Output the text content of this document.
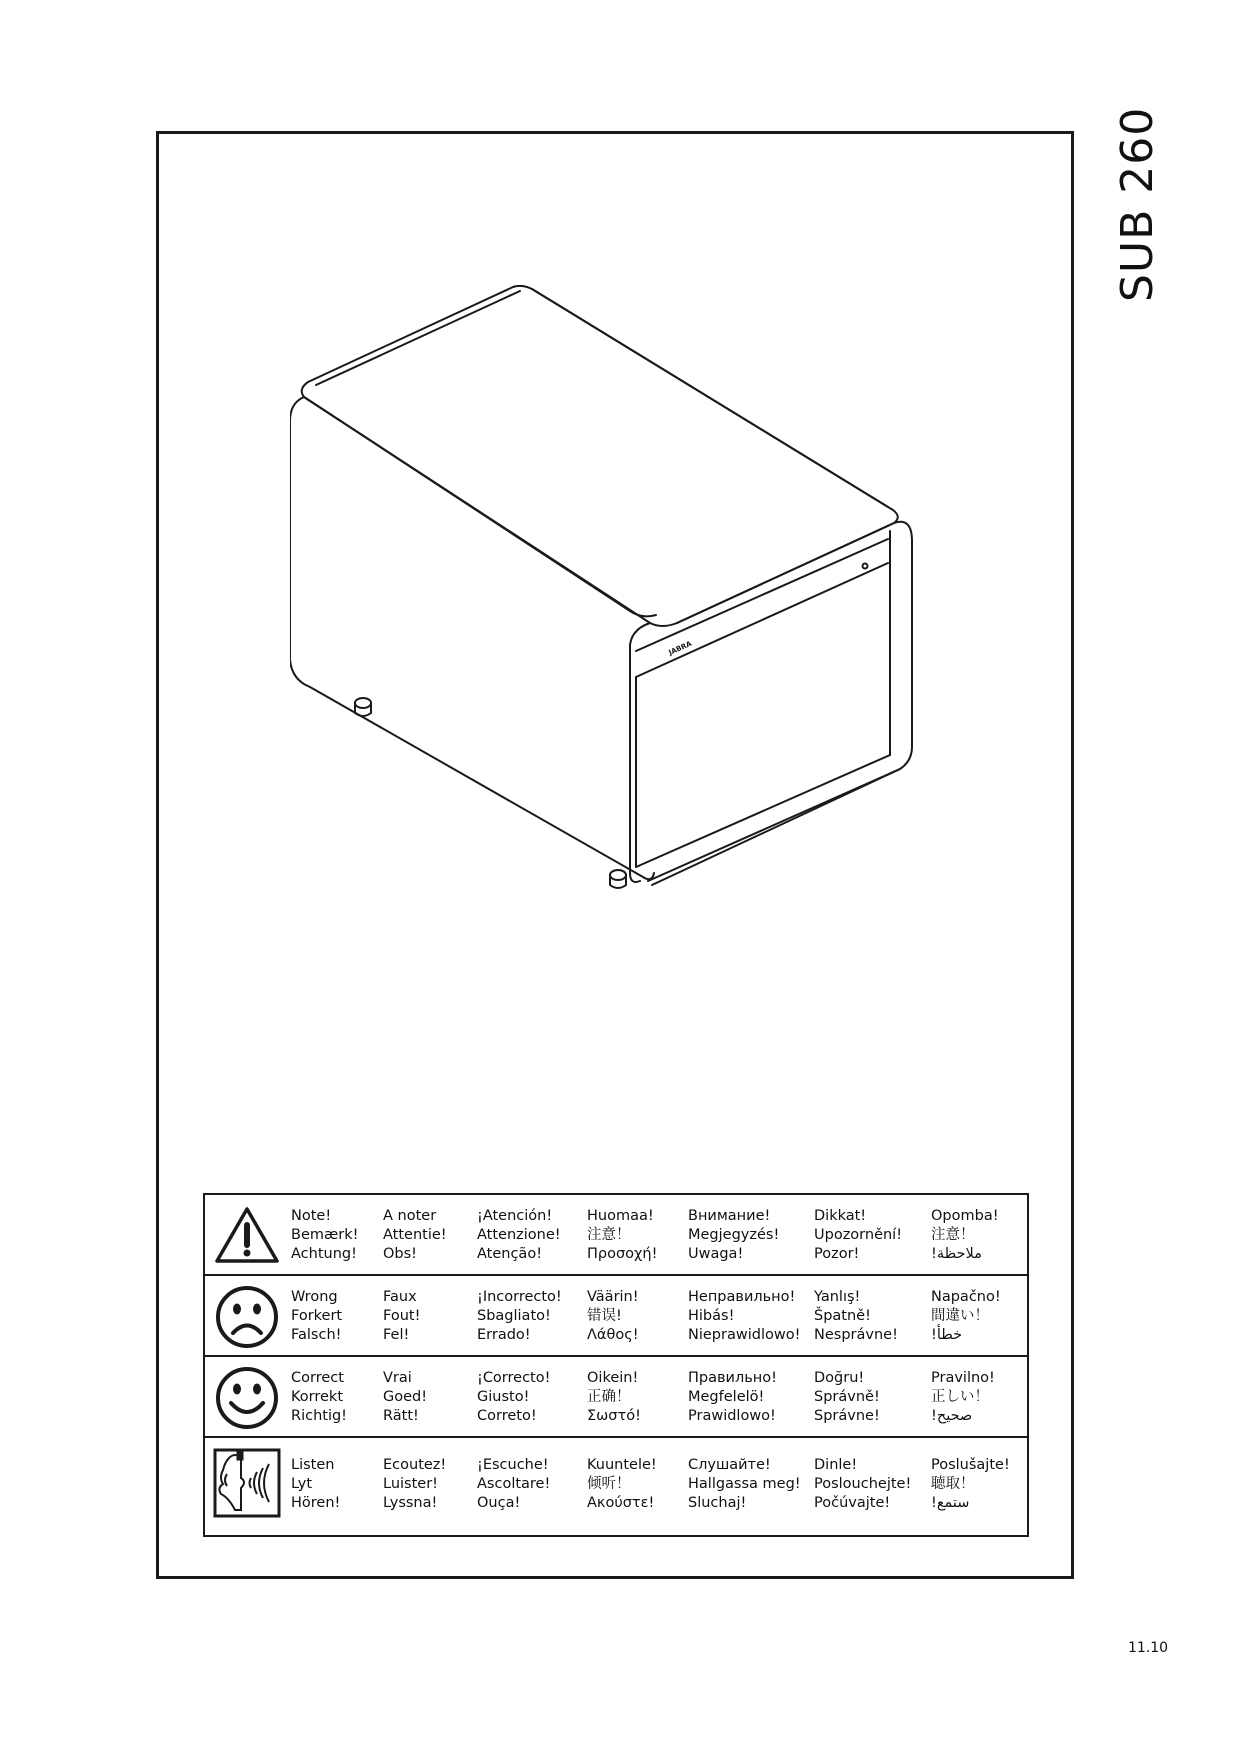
SUB 260
JABRA
Note!
Bemærk!
Achtung!
A noter
Attentie!
Obs!
¡Atención!
Attenzione!
Atenção!
Huomaa!
注意！
Προσοχή!
Внимание!
Megjegyzés!
Uwaga!
Dikkat!
Upozornění!
Pozor!
Opomba!
注意！
!ملاحظة
Wrong
Forkert
Falsch!
Faux
Fout!
Fel!
¡Incorrecto!
Sbagliato!
Errado!
Väärin!
错误!
Λάθος!
Неправильно!
Hibás!
Nieprawidlowo!
Yanlış!
Špatně!
Nesprávne!
Napačno!
間違い！
!خطأ
Correct
Korrekt
Richtig!
Vrai
Goed!
Rätt!
¡Correcto!
Giusto!
Correto!
Oikein!
正确！
Σωστό!
Правильно!
Megfelelö!
Prawidlowo!
Doğru!
Správně!
Správne!
Pravilno!
正しい！
!صحيح
Listen
Lyt
Hören!
Ecoutez!
Luister!
Lyssna!
¡Escuche!
Ascoltare!
Ouça!
Kuuntele!
倾听！
Ακούστε!
Слушайте!
Hallgassa meg!
Sluchaj!
Dinle!
Poslouchejte!
Počúvajte!
Poslušajte!
聴取！
!ستمع
11.10
